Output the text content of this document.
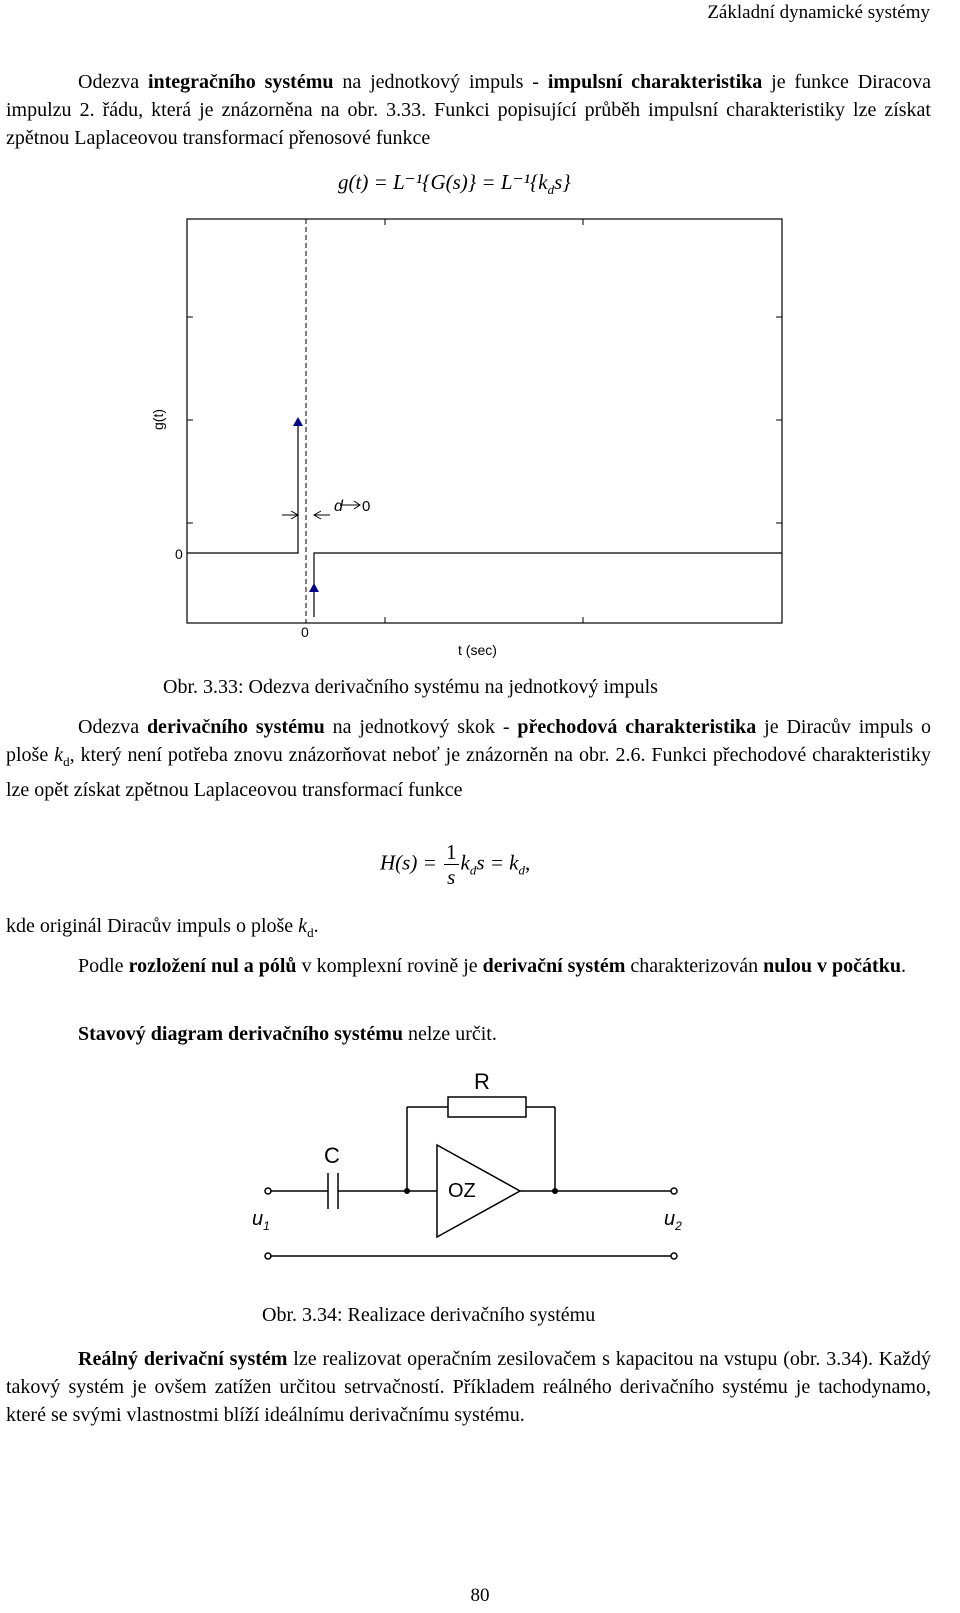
Základní dynamické systémy

Odezva integračního systému na jednotkový impuls - impulsní charakteristika je funkce Diracova impulzu 2. řádu, která je znázorněna na obr. 3.33. Funkci popisující průběh impulsní charakteristiky lze získat zpětnou Laplaceovou transformací přenosové funkce

$g(t) = L^{-1}\{G(s)\} = L^{-1}\{k_ds\}$
d 0
0
0
t (sec)
g(t)
Obr. 3.33: Odezva derivačního systému na jednotkový impuls

Odezva derivačního systému na jednotkový skok - přechodová charakteristika je Diracův impuls o ploše $k_d$, který není potřeba znovu znázorňovat neboť je znázorněn na obr. 2.6. Funkci přechodové charakteristiky lze opět získat zpětnou Laplaceovou transformací funkce

$H(s) = \frac{1}{s} k_ds = k_d$,

kde originál Diracův impuls o ploše $k_d$.

Podle rozložení nul a pólů v komplexní rovině je derivační systém charakterizován nulou v počátku.

Stavový diagram derivačního systému nelze určit.

R
C
OZ
$u_1$	$u_2$
Obr. 3.34: Realizace derivačního systému

Reálný derivační systém lze realizovat operačním zesilovačem s kapacitou na vstupu (obr. 3.34). Každý takový systém je ovšem zatížen určitou setrvačností. Příkladem reálného derivačního systému je tachodynamo, které se svými vlastnostmi blíží ideálnímu derivačnímu systému.

80
